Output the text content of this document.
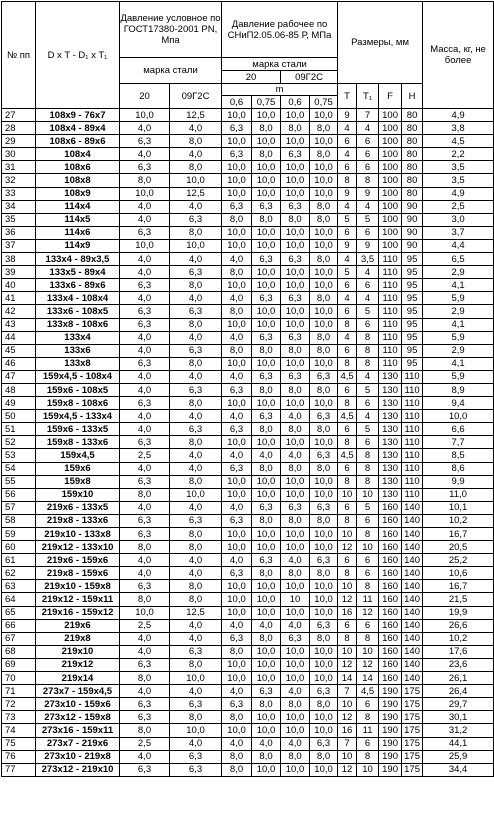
№ пп	D x T - D₁ x T₁	Давление условное по ГОСТ17380-2001 PN, Мпа		Давление рабочее по СНиП2.05.06-85 Р, МПа				Размеры, мм				Масса, кг, не более
		марка стали		марка стали								
				20		09Г2С						
		20	09Г2С	m				T	T₁	F	H	
				0,6	0,75	0,6	0,75					
27	108x9 - 76x7	10,0	12,5	10,0	10,0	10,0	10,0	9	7	100	80	4,9
28	108x4 - 89x4	4,0	4,0	6,3	8,0	8,0	8,0	4	4	100	80	3,8
29	108x6 - 89x6	6,3	8,0	10,0	10,0	10,0	10,0	6	6	100	80	4,5
30	108x4	4,0	4,0	6,3	8,0	6,3	8,0	4	6	100	80	2,2
31	108x6	6,3	8,0	10,0	10,0	10,0	10,0	6	6	100	80	3,5
32	108x8	8,0	10,0	10,0	10,0	10,0	10,0	8	8	100	80	3,5
33	108x9	10,0	12,5	10,0	10,0	10,0	10,0	9	9	100	80	4,9
34	114x4	4,0	4,0	6,3	6,3	6,3	8,0	4	4	100	90	2,5
35	114x5	4,0	6,3	8,0	8,0	8,0	8,0	5	5	100	90	3,0
36	114x6	6,3	8,0	10,0	10,0	10,0	10,0	6	6	100	90	3,7
37	114x9	10,0	10,0	10,0	10,0	10,0	10,0	9	9	100	90	4,4
38	133x4 - 89x3,5	4,0	4,0	4,0	6,3	6,3	8,0	4	3,5	110	95	6,5
39	133x5 - 89x4	4,0	6,3	8,0	10,0	10,0	10,0	5	4	110	95	2,9
40	133x6 - 89x6	6,3	8,0	10,0	10,0	10,0	10,0	6	6	110	95	4,1
41	133x4 - 108x4	4,0	4,0	4,0	6,3	6,3	8,0	4	4	110	95	5,9
42	133x6 - 108x5	6,3	6,3	8,0	10,0	10,0	10,0	6	5	110	95	2,9
43	133x8 - 108x6	6,3	8,0	10,0	10,0	10,0	10,0	8	6	110	95	4,1
44	133x4	4,0	4,0	4,0	6,3	6,3	8,0	4	8	110	95	5,9
45	133x6	4,0	6,3	8,0	8,0	8,0	8,0	6	8	110	95	2,9
46	133x8	6,3	8,0	10,0	10,0	10,0	10,0	8	8	110	95	4,1
47	159x4,5 - 108x4	4,0	4,0	4,0	6,3	6,3	6,3	4,5	4	130	110	5,9
48	159x6 - 108x5	4,0	6,3	6,3	8,0	8,0	8,0	6	5	130	110	8,9
49	159x8 - 108x6	6,3	8,0	10,0	10,0	10,0	10,0	8	6	130	110	9,4
50	159x4,5 - 133x4	4,0	4,0	4,0	6,3	4,0	6,3	4,5	4	130	110	10,0
51	159x6 - 133x5	4,0	6,3	6,3	8,0	8,0	8,0	6	5	130	110	6,6
52	159x8 - 133x6	6,3	8,0	10,0	10,0	10,0	10,0	8	6	130	110	7,7
53	159x4,5	2,5	4,0	4,0	4,0	4,0	6,3	4,5	8	130	110	8,5
54	159x6	4,0	4,0	6,3	8,0	8,0	8,0	6	8	130	110	8,6
55	159x8	6,3	8,0	10,0	10,0	10,0	10,0	8	8	130	110	9,9
56	159x10	8,0	10,0	10,0	10,0	10,0	10,0	10	10	130	110	11,0
57	219x6 - 133x5	4,0	4,0	4,0	6,3	6,3	6,3	6	5	160	140	10,1
58	219x8 - 133x6	6,3	6,3	6,3	8,0	8,0	8,0	8	6	160	140	10,2
59	219x10 - 133x8	6,3	8,0	10,0	10,0	10,0	10,0	10	8	160	140	16,7
60	219x12 - 133x10	8,0	8,0	10,0	10,0	10,0	10,0	12	10	160	140	20,5
61	219x6 - 159x6	4,0	4,0	4,0	6,3	4,0	6,3	6	6	160	140	25,2
62	219x8 - 159x6	4,0	4,0	6,3	8,0	8,0	8,0	8	6	160	140	10,6
63	219x10 - 159x8	6,3	8,0	10,0	10,0	10,0	10,0	10	8	160	140	16,7
64	219x12 - 159x11	8,0	8,0	10,0	10,0	10	10,0	12	11	160	140	21,5
65	219x16 - 159x12	10,0	12,5	10,0	10,0	10,0	10,0	16	12	160	140	19,9
66	219x6	2,5	4,0	4,0	4,0	4,0	6,3	6	6	160	140	26,6
67	219x8	4,0	4,0	6,3	8,0	6,3	8,0	8	8	160	140	10,2
68	219x10	4,0	6,3	8,0	10,0	10,0	10,0	10	10	160	140	17,6
69	219x12	6,3	8,0	10,0	10,0	10,0	10,0	12	12	160	140	23,6
70	219x14	8,0	10,0	10,0	10,0	10,0	10,0	14	14	160	140	26,1
71	273x7 - 159x4,5	4,0	4,0	4,0	6,3	4,0	6,3	7	4,5	190	175	26,4
72	273x10 - 159x6	6,3	6,3	6,3	8,0	8,0	8,0	10	6	190	175	29,7
73	273x12 - 159x8	6,3	8,0	8,0	10,0	10,0	10,0	12	8	190	175	30,1
74	273x16 - 159x11	8,0	10,0	10,0	10,0	10,0	10,0	16	11	190	175	31,2
75	273x7 - 219x6	2,5	4,0	4,0	4,0	4,0	6,3	7	6	190	175	44,1
76	273x10 - 219x8	4,0	6,3	8,0	8,0	8,0	8,0	10	8	190	175	25,9
77	273x12 - 219x10	6,3	6,3	8,0	10,0	10,0	10,0	12	10	190	175	34,4
